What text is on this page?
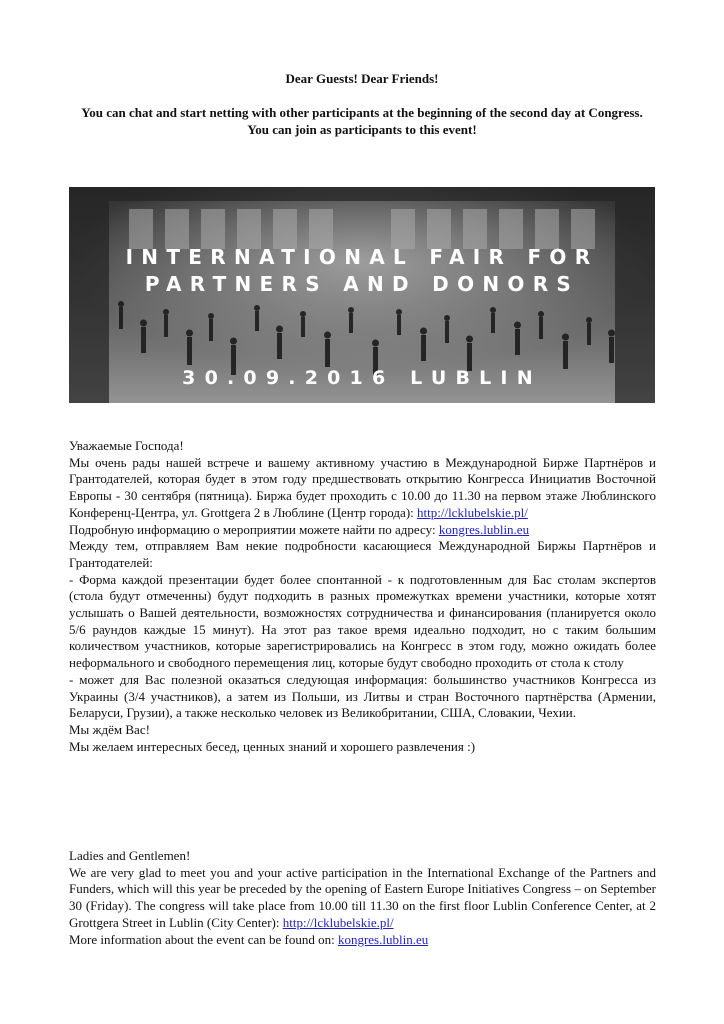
Dear Guests! Dear Friends!

You can chat and start netting with other participants at the beginning of the second day at Congress.

You can join as participants to this event!

INTERNATIONAL FAIR FOR
PARTNERS AND DONORS
30.09.2016 LUBLIN

Уважаемые Господа!

Мы очень рады нашей встрече и вашему активному участию в Международной Бирже Партнёров и Грантодателей, которая будет в этом году предшествовать открытию Конгресса Инициатив Восточной Европы - 30 сентября (пятница). Биржа будет проходить с 10.00 до 11.30 на первом этаже Люблинского Конференц-Центра, ул. Grottgera 2 в Люблине (Центр города): http://lcklubelskie.pl/

Подробную информацию о мероприятии можете найти по адресу: kongres.lublin.eu

Между тем, отправляем Вам некие подробности касающиеся Международной Биржы Партнёров и Грантодателей:

- Форма каждой презентации будет более спонтанной - к подготовленным для Бас столам экспертов (стола будут отмеченны) будут подходить в разных промежутках времени участники, которые хотят услышать о Вашей деятельности, возможностях сотрудничества и финансирования (планируется около 5/6 раундов каждые 15 минут). На этот раз такое время идеально подходит, но с таким большим количеством участников, которые зарегистрировались на Конгресс в этом году, можно ожидать более неформального и свободного перемещения лиц, которые будут свободно проходить от стола к столу

- может для Вас полезной оказаться следующая информация: большинство участников Конгресса из Украины (3/4 участников), а затем из Польши, из Литвы и стран Восточного партнёрства (Армении, Беларуси, Грузии), а также несколько человек из Великобритании, США, Словакии, Чехии.

Мы ждём Вас!

Мы желаем интересных бесед, ценных знаний и хорошего развлечения :)

Ladies and Gentlemen!

We are very glad to meet you and your active participation in the International Exchange of the Partners and Funders, which will this year be preceded by the opening of Eastern Europe Initiatives Congress – on September 30 (Friday). The congress will take place from 10.00 till 11.30 on the first floor Lublin Conference Center, at 2 Grottgera Street in Lublin (City Center): http://lcklubelskie.pl/

More information about the event can be found on: kongres.lublin.eu
